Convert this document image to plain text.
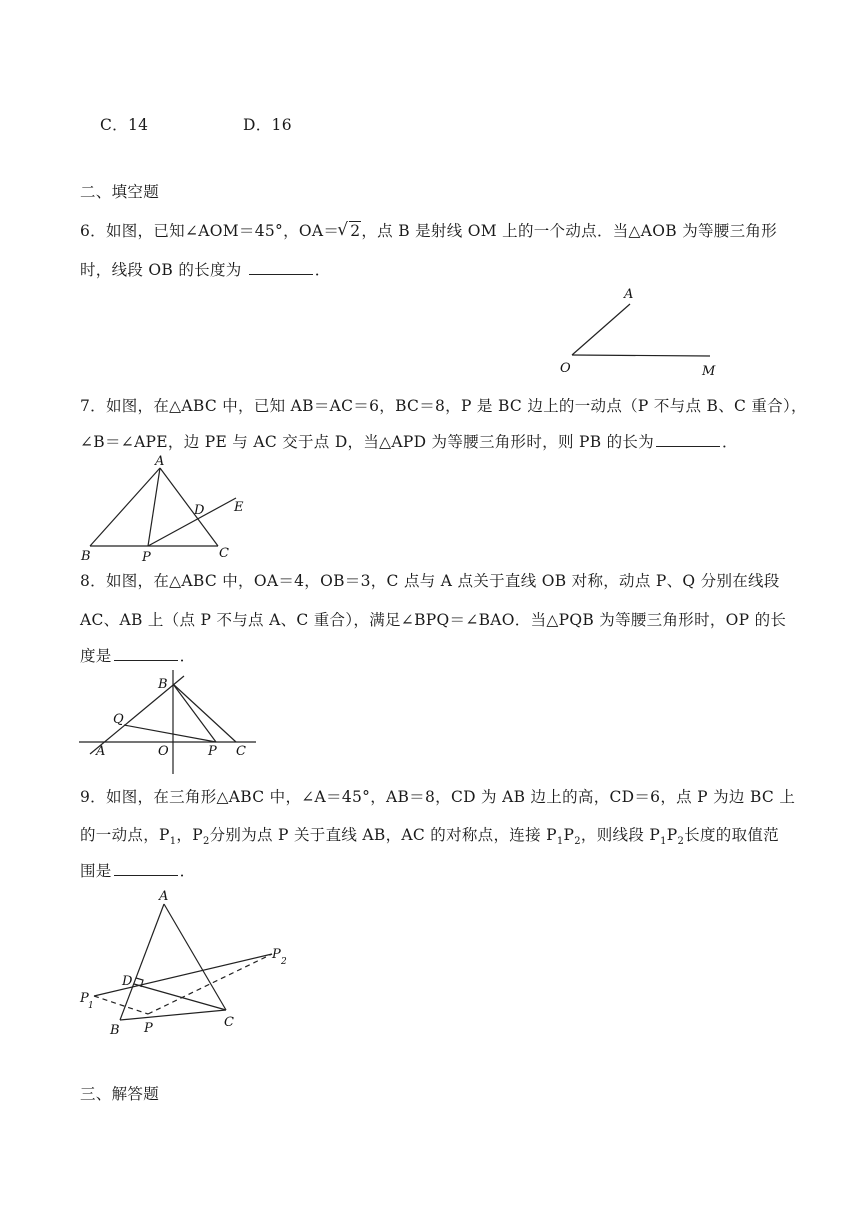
C．14	D．16
二、填空题
6．如图，已知∠AOM＝45°，OA＝√ 2，点 B 是射线 OM 上的一个动点．当△AOB 为等腰三角形
时，线段 OB 的长度为	．
A
O	M
7．如图，在△ABC 中，已知 AB＝AC＝6，BC＝8，P 是 BC 边上的一动点（P 不与点 B、C 重合），
∠B＝∠APE，边 PE 与 AC 交于点 D，当△APD 为等腰三角形时，则 PB 的长为	．
A
B	C
D E
P
8．如图，在△ABC 中，OA＝4，OB＝3，C 点与 A 点关于直线 OB 对称，动点 P、Q 分别在线段
AC、AB 上（点 P 不与点 A、C 重合），满足∠BPQ＝∠BAO．当△PQB 为等腰三角形时，OP 的长
度是	．
B
Q
A	O	P C
9．如图，在三角形△ABC 中，∠A＝45°，AB＝8，CD 为 AB 边上的高，CD＝6，点 P 为边 BC 上
的一动点，$P_1$，$P_2$分别为点 P 关于直线 AB，AC 的对称点，连接 $P_1P_2$，则线段 $P_1P_2$长度的取值范
围是	．
A
D
B P	C
P 1
P 2
三、解答题
